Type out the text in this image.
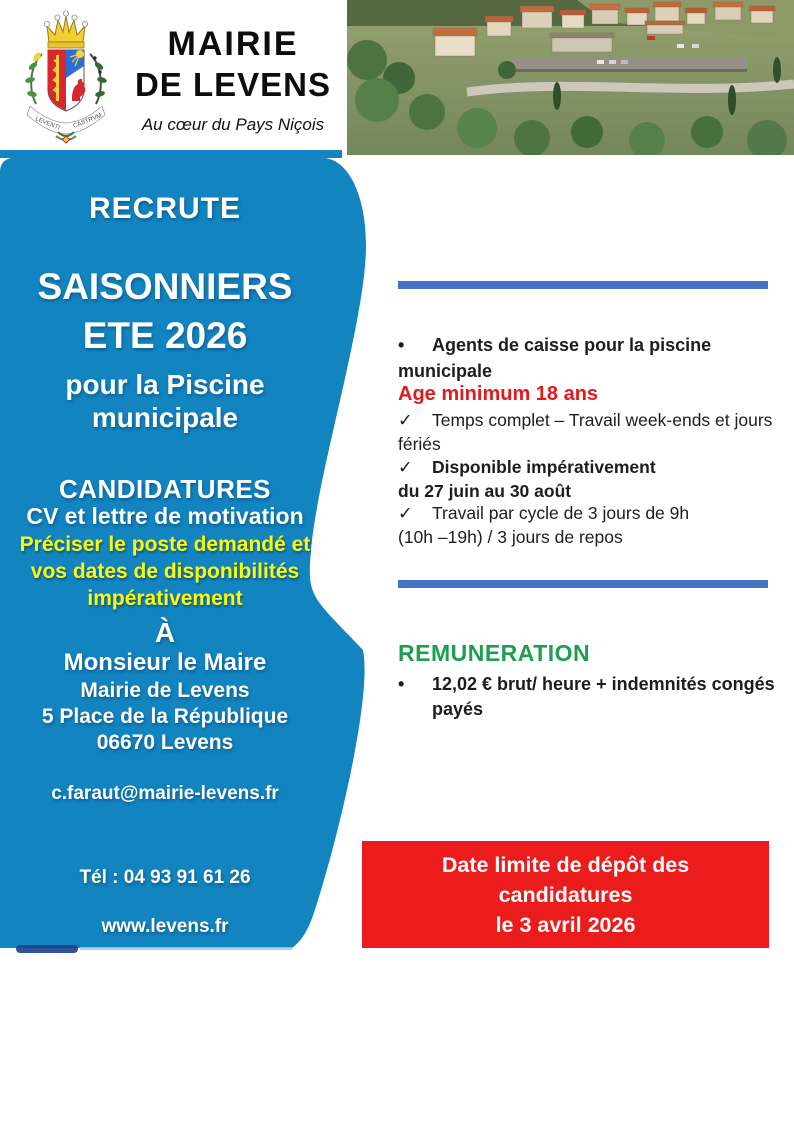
LEVENTI CASTRVM
MAIRIE
DE LEVENS
Au cœur du Pays Niçois
RECRUTE
SAISONNIERS
ETE 2026
pour la Piscine
municipale
CANDIDATURES
CV et lettre de motivation
Préciser le poste demandé et
vos dates de disponibilités
impérativement
À
Monsieur le Maire
Mairie de Levens
5 Place de la République
06670 Levens
c.faraut@mairie-levens.fr
Tél : 04 93 91 61 26
www.levens.fr
• Agents de caisse pour la piscine
municipale
Age minimum 18 ans
✓ Temps complet – Travail week-ends et jours
fériés
✓ Disponible impérativement
du 27 juin au 30 août
✓ Travail par cycle de 3 jours de 9h
(10h –19h) / 3 jours de repos
REMUNERATION
• 12,02 € brut/ heure + indemnités congés
payés
Date limite de dépôt des
candidatures
le 3 avril 2026
